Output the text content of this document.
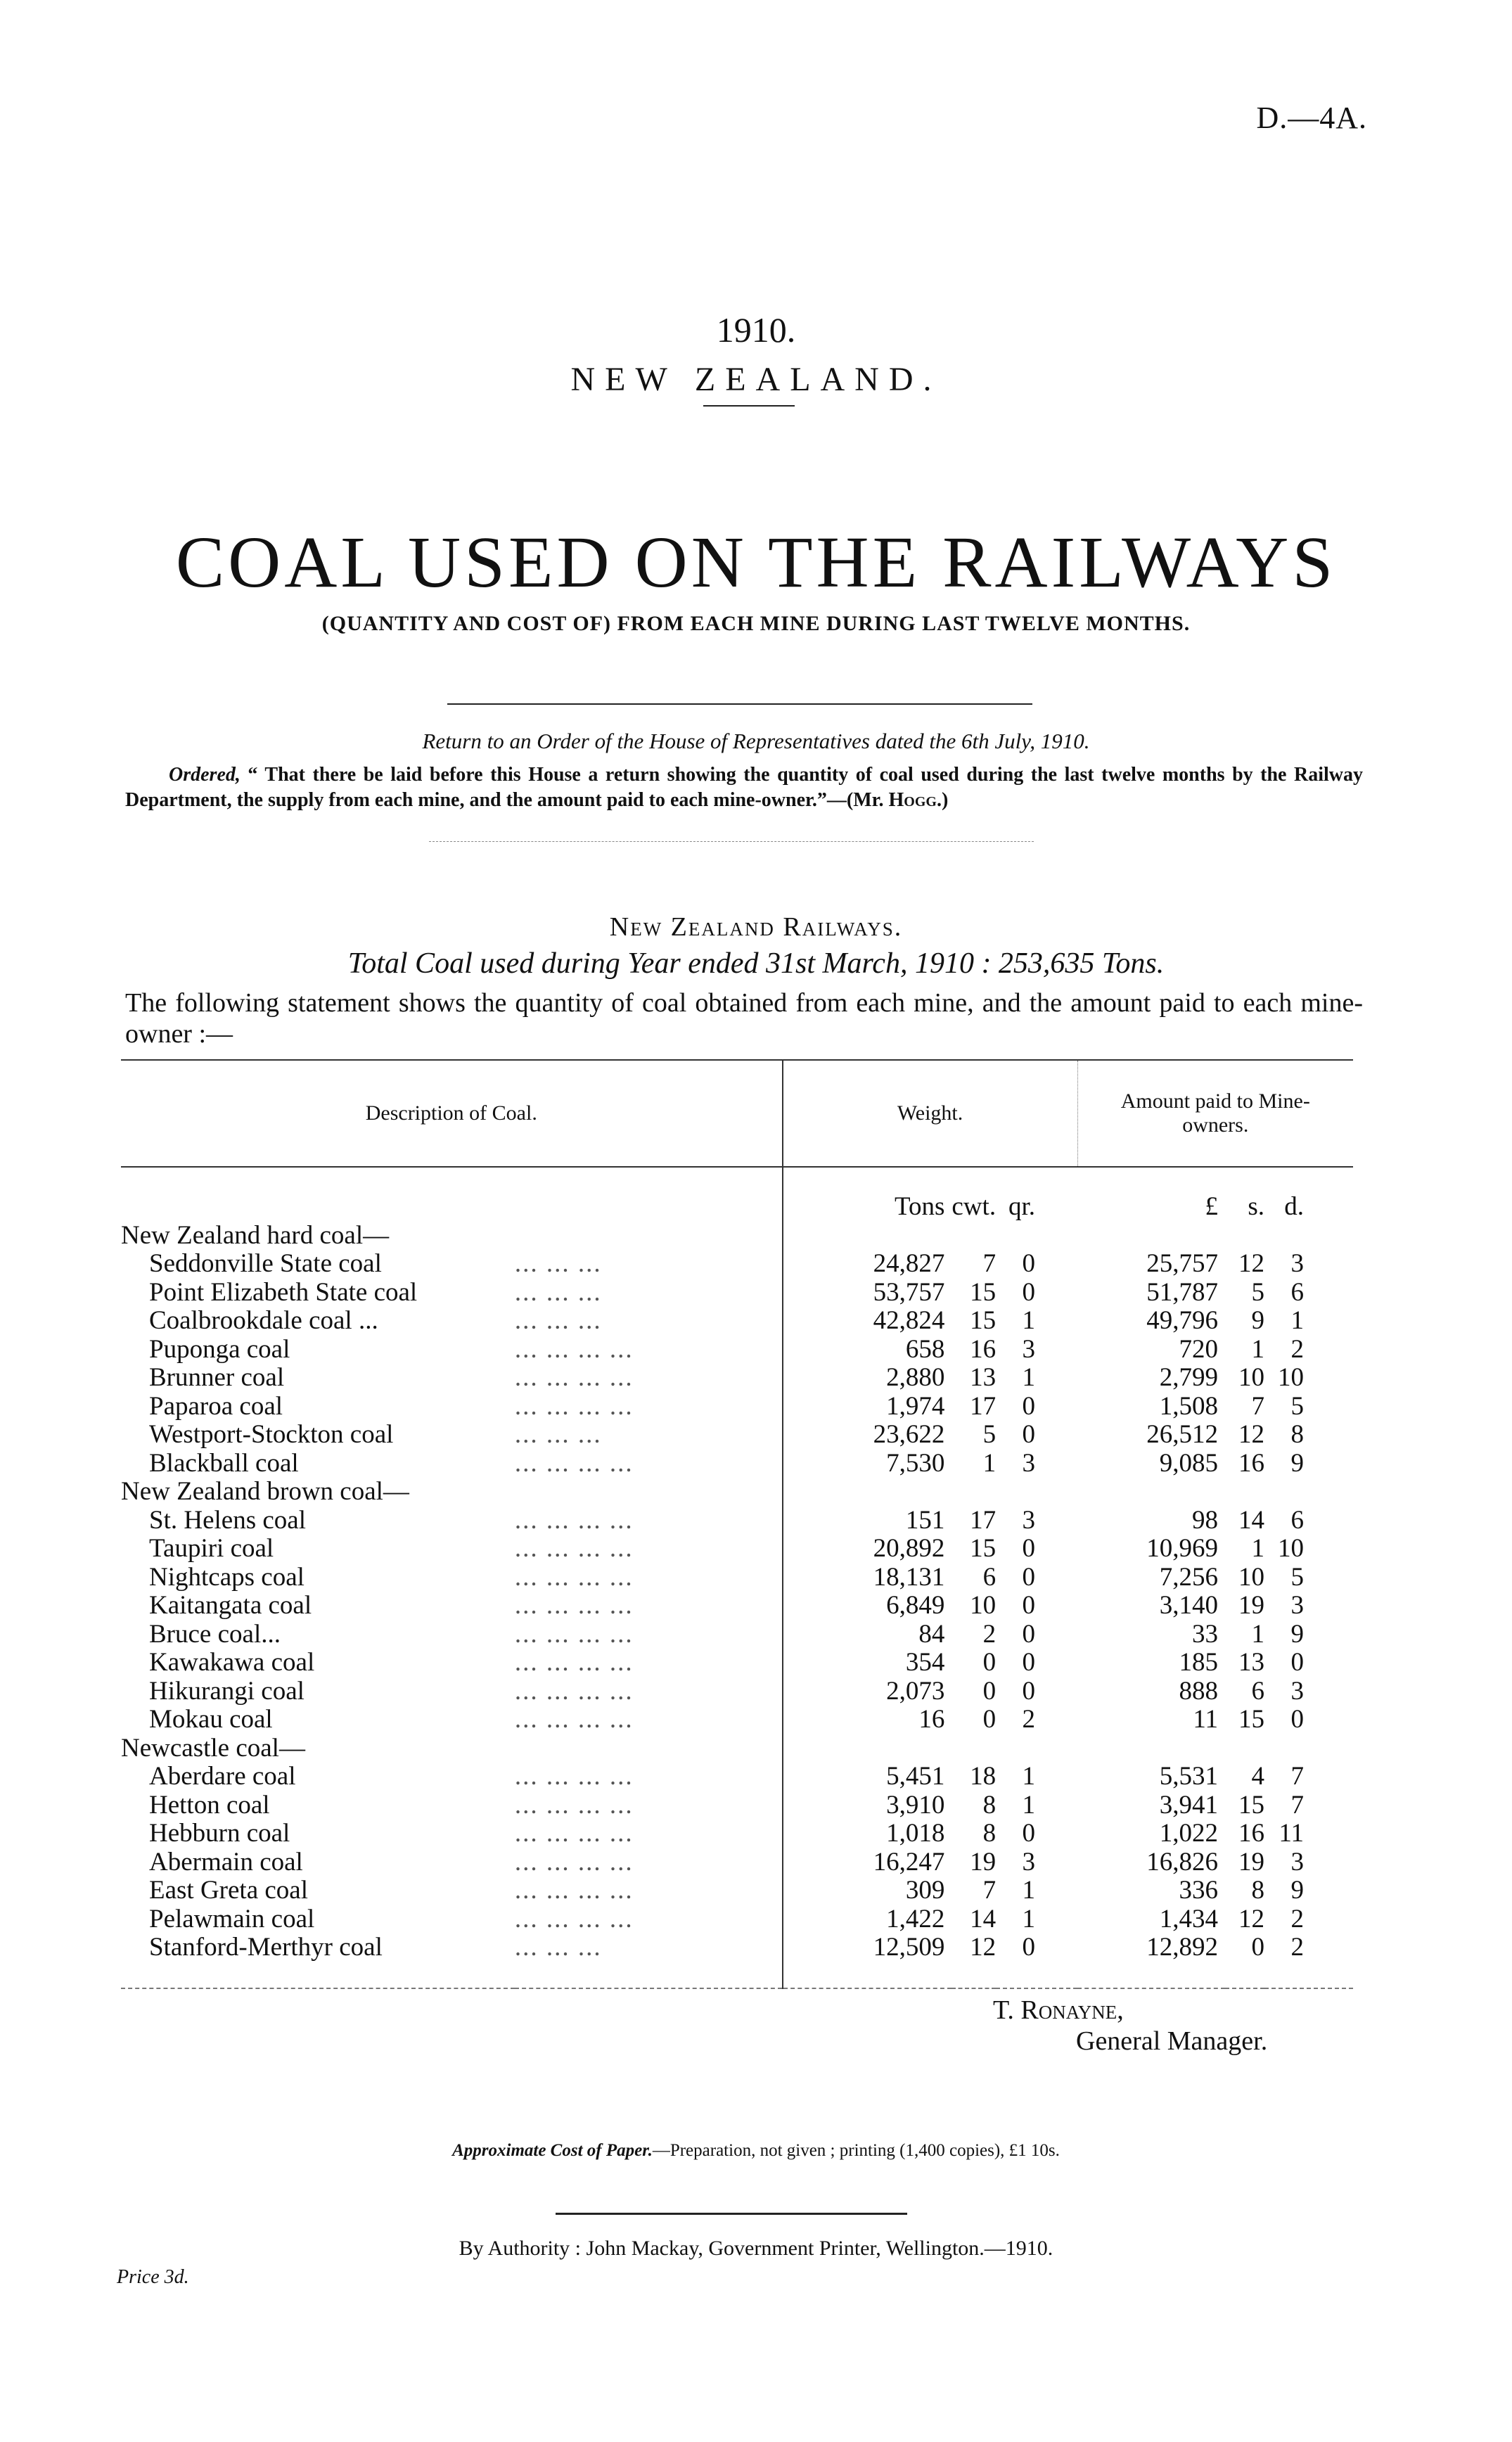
D.—4A.
1910.
NEW ZEALAND.
COAL USED ON THE RAILWAYS
(QUANTITY AND COST OF) FROM EACH MINE DURING LAST TWELVE MONTHS.
Return to an Order of the House of Representatives dated the 6th July, 1910.
Ordered, “ That there be laid before this House a return showing the quantity of coal used during the last twelve months by the Railway Department, the supply from each mine, and the amount paid to each mine-owner.”—(Mr. Hogg.)
New Zealand Railways.
Total Coal used during Year ended 31st March, 1910 : 253,635 Tons.
The following statement shows the quantity of coal obtained from each mine, and the amount paid to each mine-owner :—
Description of Coal.		Weight.			Amount paid to Mine-owners.		

		Tons	cwt.	qr.	£	s.	d.
New Zealand hard coal—							
Seddonville State coal	... ... ...	24,827	7	0	25,757	12	3
Point Elizabeth State coal	... ... ...	53,757	15	0	51,787	5	6
Coalbrookdale coal ...	... ... ...	42,824	15	1	49,796	9	1
Puponga coal	... ... ... ...	658	16	3	720	1	2
Brunner coal	... ... ... ...	2,880	13	1	2,799	10	10
Paparoa coal	... ... ... ...	1,974	17	0	1,508	7	5
Westport-Stockton coal	... ... ...	23,622	5	0	26,512	12	8
Blackball coal	... ... ... ...	7,530	1	3	9,085	16	9
New Zealand brown coal—							
St. Helens coal	... ... ... ...	151	17	3	98	14	6
Taupiri coal	... ... ... ...	20,892	15	0	10,969	1	10
Nightcaps coal	... ... ... ...	18,131	6	0	7,256	10	5
Kaitangata coal	... ... ... ...	6,849	10	0	3,140	19	3
Bruce coal...	... ... ... ...	84	2	0	33	1	9
Kawakawa coal	... ... ... ...	354	0	0	185	13	0
Hikurangi coal	... ... ... ...	2,073	0	0	888	6	3
Mokau coal	... ... ... ...	16	0	2	11	15	0
Newcastle coal—							
Aberdare coal	... ... ... ...	5,451	18	1	5,531	4	7
Hetton coal	... ... ... ...	3,910	8	1	3,941	15	7
Hebburn coal	... ... ... ...	1,018	8	0	1,022	16	11
Abermain coal	... ... ... ...	16,247	19	3	16,826	19	3
East Greta coal	... ... ... ...	309	7	1	336	8	9
Pelawmain coal	... ... ... ...	1,422	14	1	1,434	12	2
Stanford-Merthyr coal	... ... ...	12,509	12	0	12,892	0	2

T. Ronayne,
General Manager.
Approximate Cost of Paper.—Preparation, not given ; printing (1,400 copies), £1 10s.
By Authority : John Mackay, Government Printer, Wellington.—1910.
Price 3d.
